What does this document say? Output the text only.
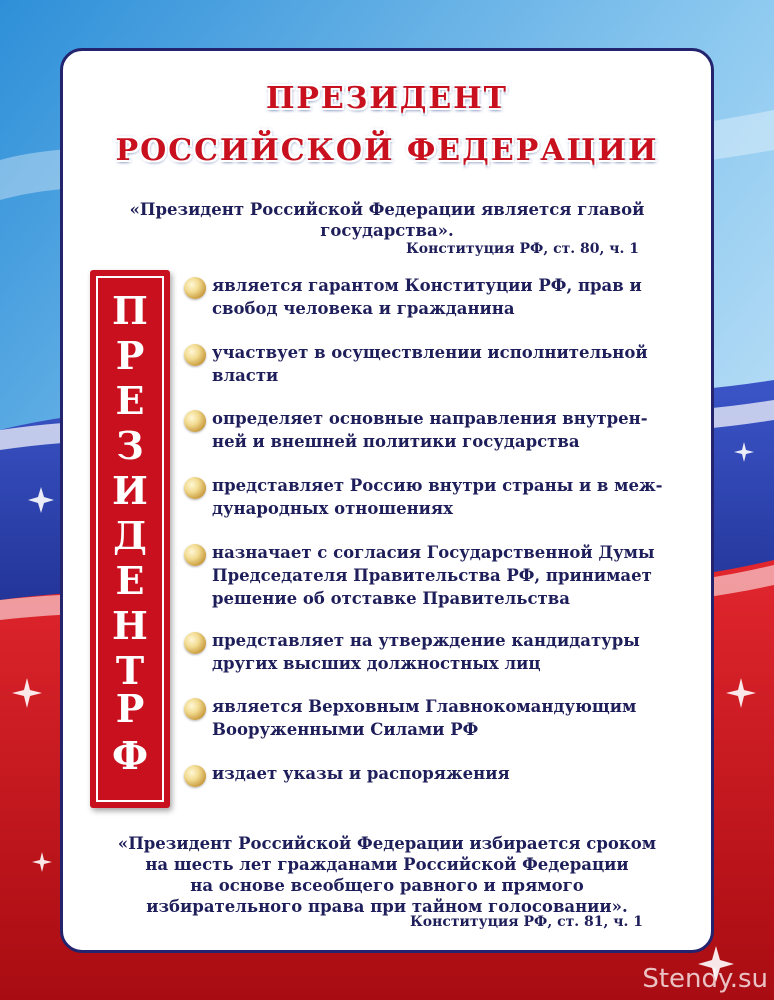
ПРЕЗИДЕНТ
РОССИЙСКОЙ ФЕДЕРАЦИИ
«Президент Российской Федерации является главой
государства».
Конституция РФ, ст. 80, ч. 1
«Президент Российской Федерации избирается сроком
на шесть лет гражданами Российской Федерации
на основе всеобщего равного и прямого
избирательного права при тайном голосовании».
Конституция РФ, ст. 81, ч. 1
П
Р
Е
З
И
Д
Е
Н
Т
Р
Ф
является гарантом Конституции РФ, прав и
свобод человека и гражданина
участвует в осуществлении исполнительной
власти
определяет основные направления внутрен-
ней и внешней политики государства
представляет Россию внутри страны и в меж-
дународных отношениях
назначает с согласия Государственной Думы
Председателя Правительства РФ, принимает
решение об отставке Правительства
представляет на утверждение кандидатуры
других высших должностных лиц
является Верховным Главнокомандующим
Вооруженными Силами РФ
издает указы и распоряжения
Stendy.su
